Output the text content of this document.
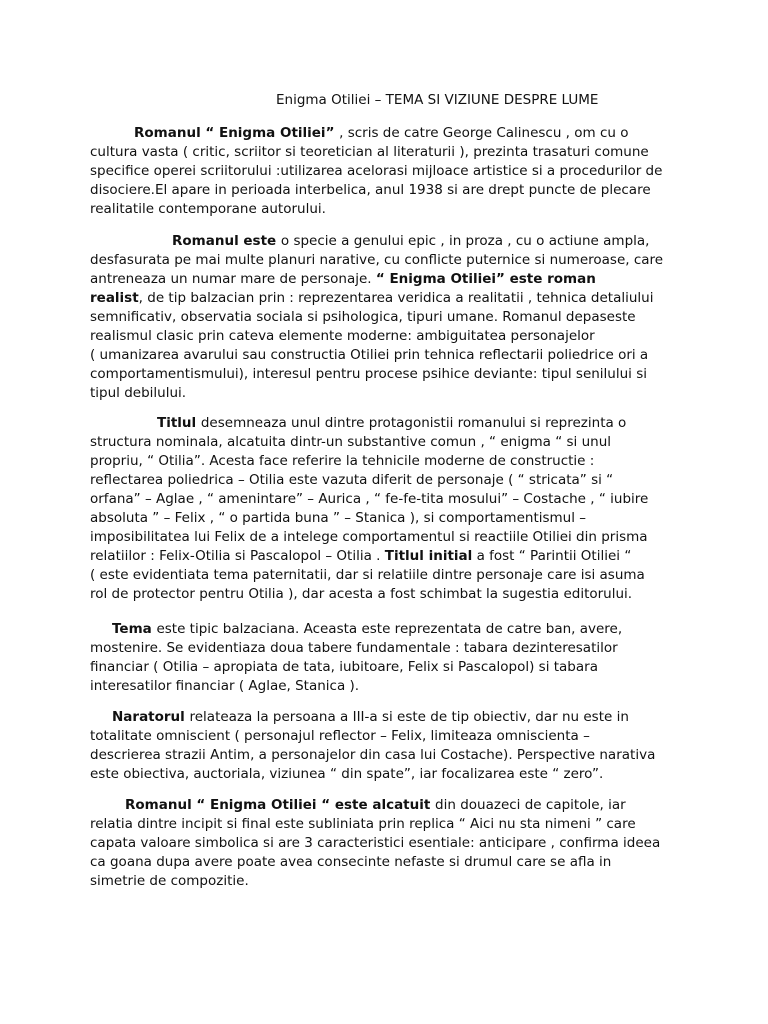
Enigma Otiliei – TEMA SI VIZIUNE DESPRE LUME
Romanul “ Enigma Otiliei” , scris de catre George Calinescu , om cu o
cultura vasta ( critic, scriitor si teoretician al literaturii ), prezinta trasaturi comune
specifice operei scriitorului :utilizarea acelorasi mijloace artistice si a procedurilor de
disociere.El apare in perioada interbelica, anul 1938 si are drept puncte de plecare
realitatile contemporane autorului.
Romanul este o specie a genului epic , in proza , cu o actiune ampla,
desfasurata pe mai multe planuri narative, cu conflicte puternice si numeroase, care
antreneaza un numar mare de personaje. “ Enigma Otiliei” este roman
realist, de tip balzacian prin : reprezentarea veridica a realitatii , tehnica detaliului
semnificativ, observatia sociala si psihologica, tipuri umane. Romanul depaseste
realismul clasic prin cateva elemente moderne: ambiguitatea personajelor
( umanizarea avarului sau constructia Otiliei prin tehnica reflectarii poliedrice ori a
comportamentismului), interesul pentru procese psihice deviante: tipul senilului si
tipul debilului.
Titlul desemneaza unul dintre protagonistii romanului si reprezinta o
structura nominala, alcatuita dintr-un substantive comun , “ enigma “ si unul
propriu, “ Otilia”. Acesta face referire la tehnicile moderne de constructie :
reflectarea poliedrica – Otilia este vazuta diferit de personaje ( “ stricata” si “
orfana” – Aglae , “ amenintare” – Aurica , “ fe-fe-tita mosului” – Costache , “ iubire
absoluta ” – Felix , “ o partida buna ” – Stanica ), si comportamentismul –
imposibilitatea lui Felix de a intelege comportamentul si reactiile Otiliei din prisma
relatiilor : Felix-Otilia si Pascalopol – Otilia . Titlul initial a fost “ Parintii Otiliei “
( este evidentiata tema paternitatii, dar si relatiile dintre personaje care isi asuma
rol de protector pentru Otilia ), dar acesta a fost schimbat la sugestia editorului.
Tema este tipic balzaciana. Aceasta este reprezentata de catre ban, avere,
mostenire. Se evidentiaza doua tabere fundamentale : tabara dezinteresatilor
financiar ( Otilia – apropiata de tata, iubitoare, Felix si Pascalopol) si tabara
interesatilor financiar ( Aglae, Stanica ).
Naratorul relateaza la persoana a III-a si este de tip obiectiv, dar nu este in
totalitate omniscient ( personajul reflector – Felix, limiteaza omniscienta –
descrierea strazii Antim, a personajelor din casa lui Costache). Perspective narativa
este obiectiva, auctoriala, viziunea “ din spate”, iar focalizarea este “ zero”.
Romanul “ Enigma Otiliei “ este alcatuit din douazeci de capitole, iar
relatia dintre incipit si final este subliniata prin replica “ Aici nu sta nimeni ” care
capata valoare simbolica si are 3 caracteristici esentiale: anticipare , confirma ideea
ca goana dupa avere poate avea consecinte nefaste si drumul care se afla in
simetrie de compozitie.
